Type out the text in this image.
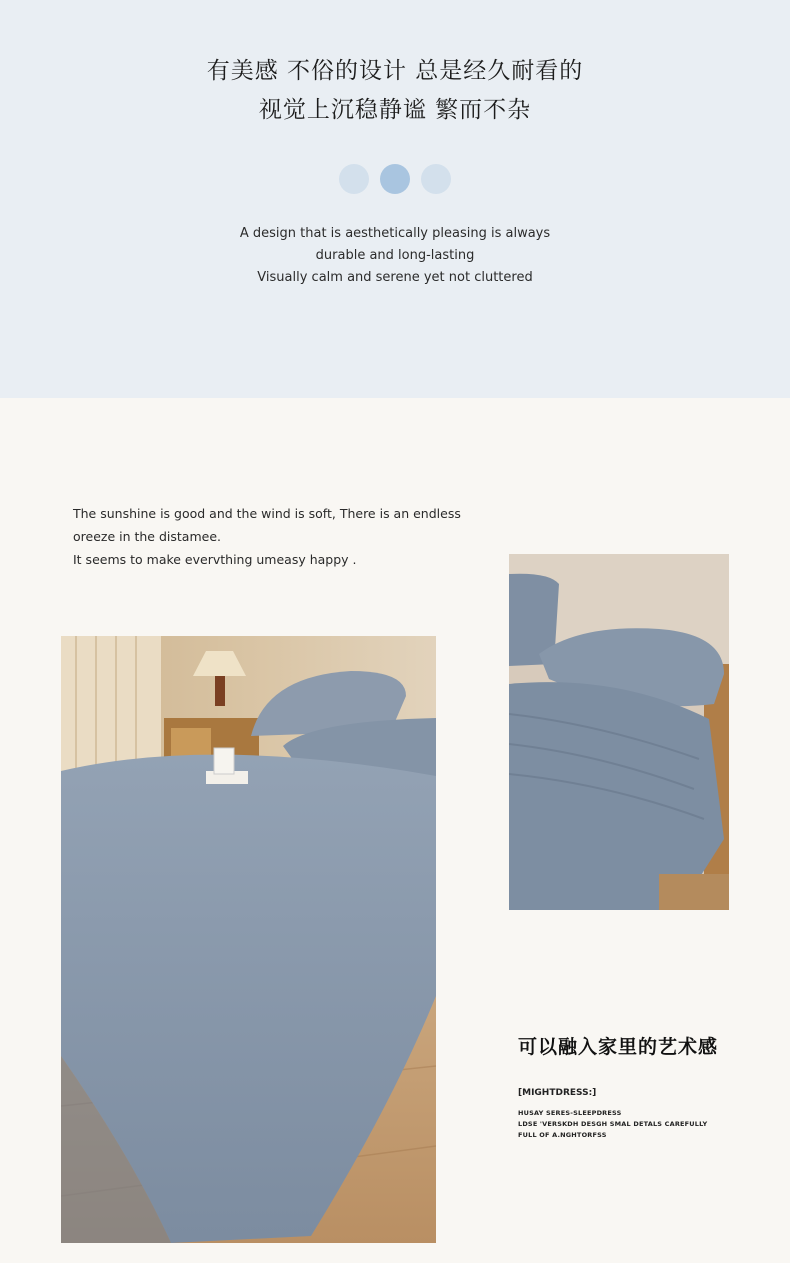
有美感 不俗的设计 总是经久耐看的
视觉上沉稳静谧 繁而不杂
A design that is aesthetically pleasing is always
durable and long-lasting
Visually calm and serene yet not cluttered
The sunshine is good and the wind is soft, There is an endless
oreeze in the distamee.
It seems to make evervthing umeasy happy .
可以融入家里的艺术感
[MIGHTDRESS:]
HUSAY SERES-SLEEPDRESS
LDSE 'VERSKDH DESGH SMAL DETALS CAREFULLY
FULL OF A.NGHTORFSS
